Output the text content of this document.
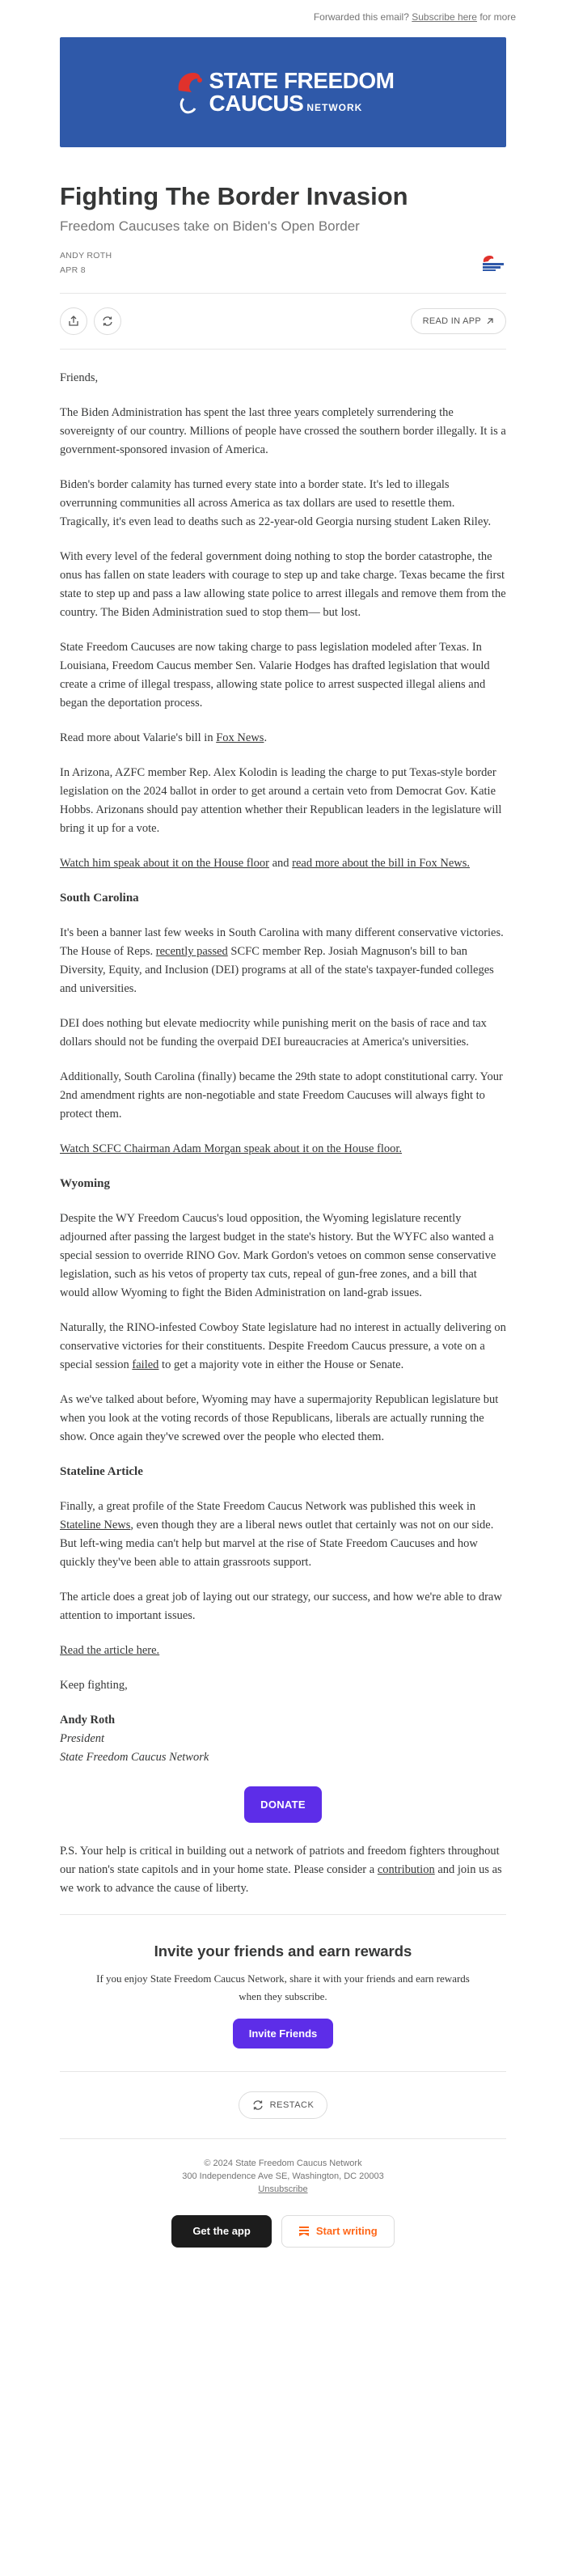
Forwarded this email? Subscribe here for more
STATE FREEDOM
CAUCUS NETWORK
Fighting The Border Invasion
Freedom Caucuses take on Biden's Open Border
ANDY ROTH
APR 8
READ IN APP

Friends,

The Biden Administration has spent the last three years completely surrendering the sovereignty of our country. Millions of people have crossed the southern border illegally. It is a government-sponsored invasion of America.

Biden's border calamity has turned every state into a border state. It's led to illegals overrunning communities all across America as tax dollars are used to resettle them. Tragically, it's even lead to deaths such as 22-year-old Georgia nursing student Laken Riley.

With every level of the federal government doing nothing to stop the border catastrophe, the onus has fallen on state leaders with courage to step up and take charge. Texas became the first state to step up and pass a law allowing state police to arrest illegals and remove them from the country. The Biden Administration sued to stop them— but lost.

State Freedom Caucuses are now taking charge to pass legislation modeled after Texas. In Louisiana, Freedom Caucus member Sen. Valarie Hodges has drafted legislation that would create a crime of illegal trespass, allowing state police to arrest suspected illegal aliens and began the deportation process.

Read more about Valarie's bill in Fox News.

In Arizona, AZFC member Rep. Alex Kolodin is leading the charge to put Texas-style border legislation on the 2024 ballot in order to get around a certain veto from Democrat Gov. Katie Hobbs. Arizonans should pay attention whether their Republican leaders in the legislature will bring it up for a vote.

Watch him speak about it on the House floor and read more about the bill in Fox News.

South Carolina

It's been a banner last few weeks in South Carolina with many different conservative victories. The House of Reps. recently passed SCFC member Rep. Josiah Magnuson's bill to ban Diversity, Equity, and Inclusion (DEI) programs at all of the state's taxpayer-funded colleges and universities.

DEI does nothing but elevate mediocrity while punishing merit on the basis of race and tax dollars should not be funding the overpaid DEI bureaucracies at America's universities.

Additionally, South Carolina (finally) became the 29th state to adopt constitutional carry. Your 2nd amendment rights are non-negotiable and state Freedom Caucuses will always fight to protect them.

Watch SCFC Chairman Adam Morgan speak about it on the House floor.

Wyoming

Despite the WY Freedom Caucus's loud opposition, the Wyoming legislature recently adjourned after passing the largest budget in the state's history. But the WYFC also wanted a special session to override RINO Gov. Mark Gordon's vetoes on common sense conservative legislation, such as his vetos of property tax cuts, repeal of gun-free zones, and a bill that would allow Wyoming to fight the Biden Administration on land-grab issues.

Naturally, the RINO-infested Cowboy State legislature had no interest in actually delivering on conservative victories for their constituents. Despite Freedom Caucus pressure, a vote on a special session failed to get a majority vote in either the House or Senate.

As we've talked about before, Wyoming may have a supermajority Republican legislature but when you look at the voting records of those Republicans, liberals are actually running the show. Once again they've screwed over the people who elected them.

Stateline Article

Finally, a great profile of the State Freedom Caucus Network was published this week in Stateline News, even though they are a liberal news outlet that certainly was not on our side. But left-wing media can't help but marvel at the rise of State Freedom Caucuses and how quickly they've been able to attain grassroots support.

The article does a great job of laying out our strategy, our success, and how we're able to draw attention to important issues.

Read the article here.

Keep fighting,

Andy Roth
President
State Freedom Caucus Network
DONATE

P.S. Your help is critical in building out a network of patriots and freedom fighters throughout our nation's state capitols and in your home state. Please consider a contribution and join us as we work to advance the cause of liberty.

Invite your friends and earn rewards

If you enjoy State Freedom Caucus Network, share it with your friends and earn rewards when they subscribe.

Invite Friends
RESTACK
© 2024 State Freedom Caucus Network
300 Independence Ave SE, Washington, DC 20003
Unsubscribe
Get the app	Start writing
